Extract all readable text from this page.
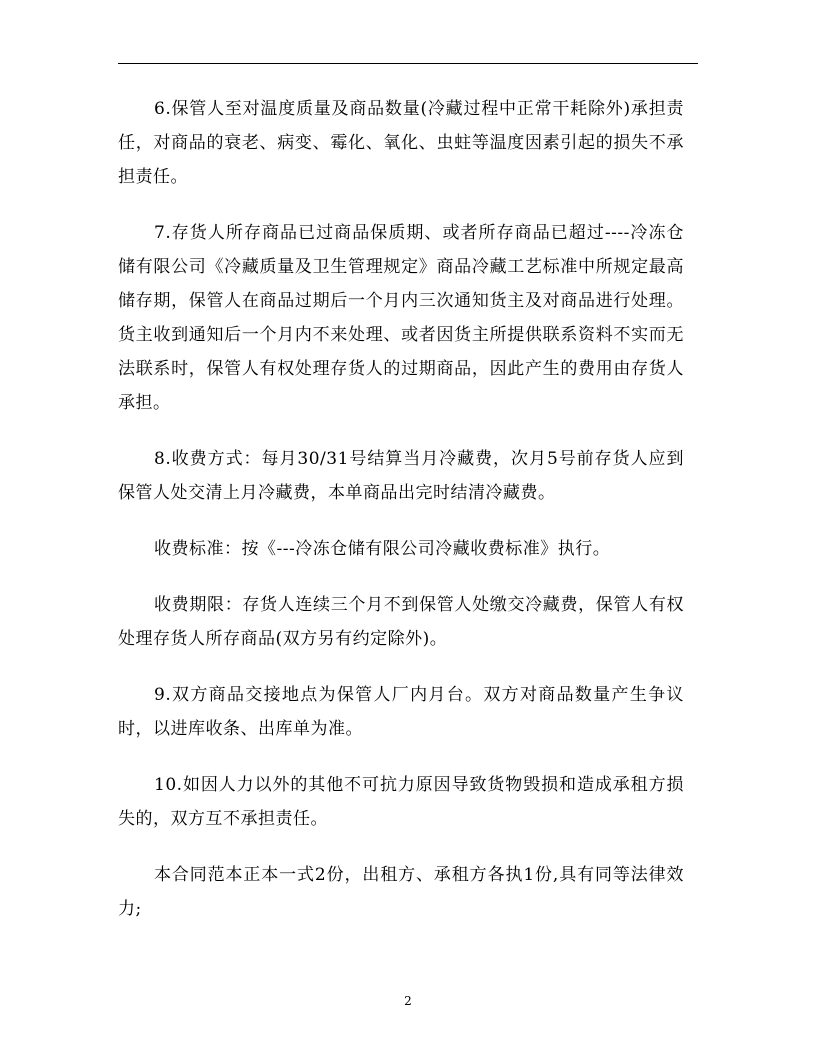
6.保管人至对温度质量及商品数量(冷藏过程中正常干耗除外)承担责任，对商品的衰老、病变、霉化、氧化、虫蛀等温度因素引起的损失不承担责任。

7.存货人所存商品已过商品保质期、或者所存商品已超过----冷冻仓储有限公司《冷藏质量及卫生管理规定》商品冷藏工艺标准中所规定最高储存期，保管人在商品过期后一个月内三次通知货主及对商品进行处理。货主收到通知后一个月内不来处理、或者因货主所提供联系资料不实而无法联系时，保管人有权处理存货人的过期商品，因此产生的费用由存货人承担。

8.收费方式：每月30/31号结算当月冷藏费，次月5号前存货人应到保管人处交清上月冷藏费，本单商品出完时结清冷藏费。

收费标准：按《---冷冻仓储有限公司冷藏收费标准》执行。

收费期限：存货人连续三个月不到保管人处缴交冷藏费，保管人有权处理存货人所存商品(双方另有约定除外)。

9.双方商品交接地点为保管人厂内月台。双方对商品数量产生争议时，以进库收条、出库单为准。

10.如因人力以外的其他不可抗力原因导致货物毁损和造成承租方损失的，双方互不承担责任。

本合同范本正本一式2份，出租方、承租方各执1份,具有同等法律效力;

2
